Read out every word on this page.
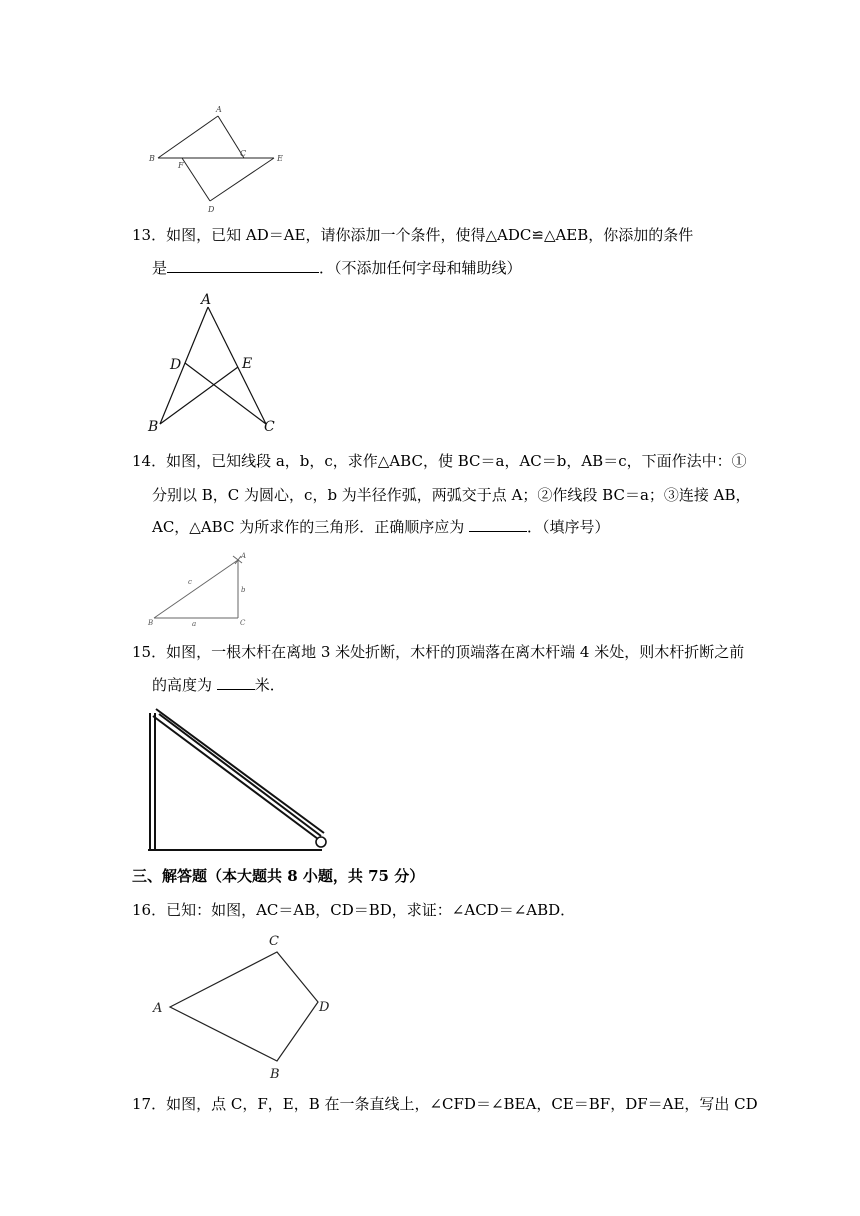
A
B
C
E
F
D
13．如图，已知 AD＝AE，请你添加一个条件，使得△ADC≌△AEB，你添加的条件
是	．（不添加任何字母和辅助线）
A
D	E
B	C
14．如图，已知线段 a，b，c，求作△ABC，使 BC＝a，AC＝b，AB＝c，下面作法中：①
分别以 B，C 为圆心，c，b 为半径作弧，两弧交于点 A；②作线段 BC＝a；③连接 AB，
AC，△ABC 为所求作的三角形．正确顺序应为	．（填序号）
A
B	C
a
b
c
15．如图，一根木杆在离地 3 米处折断，木杆的顶端落在离木杆端 4 米处，则木杆折断之前
的高度为	米．
三、解答题（本大题共 8 小题，共 75 分）
16．已知：如图，AC＝AB，CD＝BD，求证：∠ACD＝∠ABD．
A
C
D
B
17．如图，点 C，F，E，B 在一条直线上，∠CFD＝∠BEA，CE＝BF，DF＝AE，写出 CD
